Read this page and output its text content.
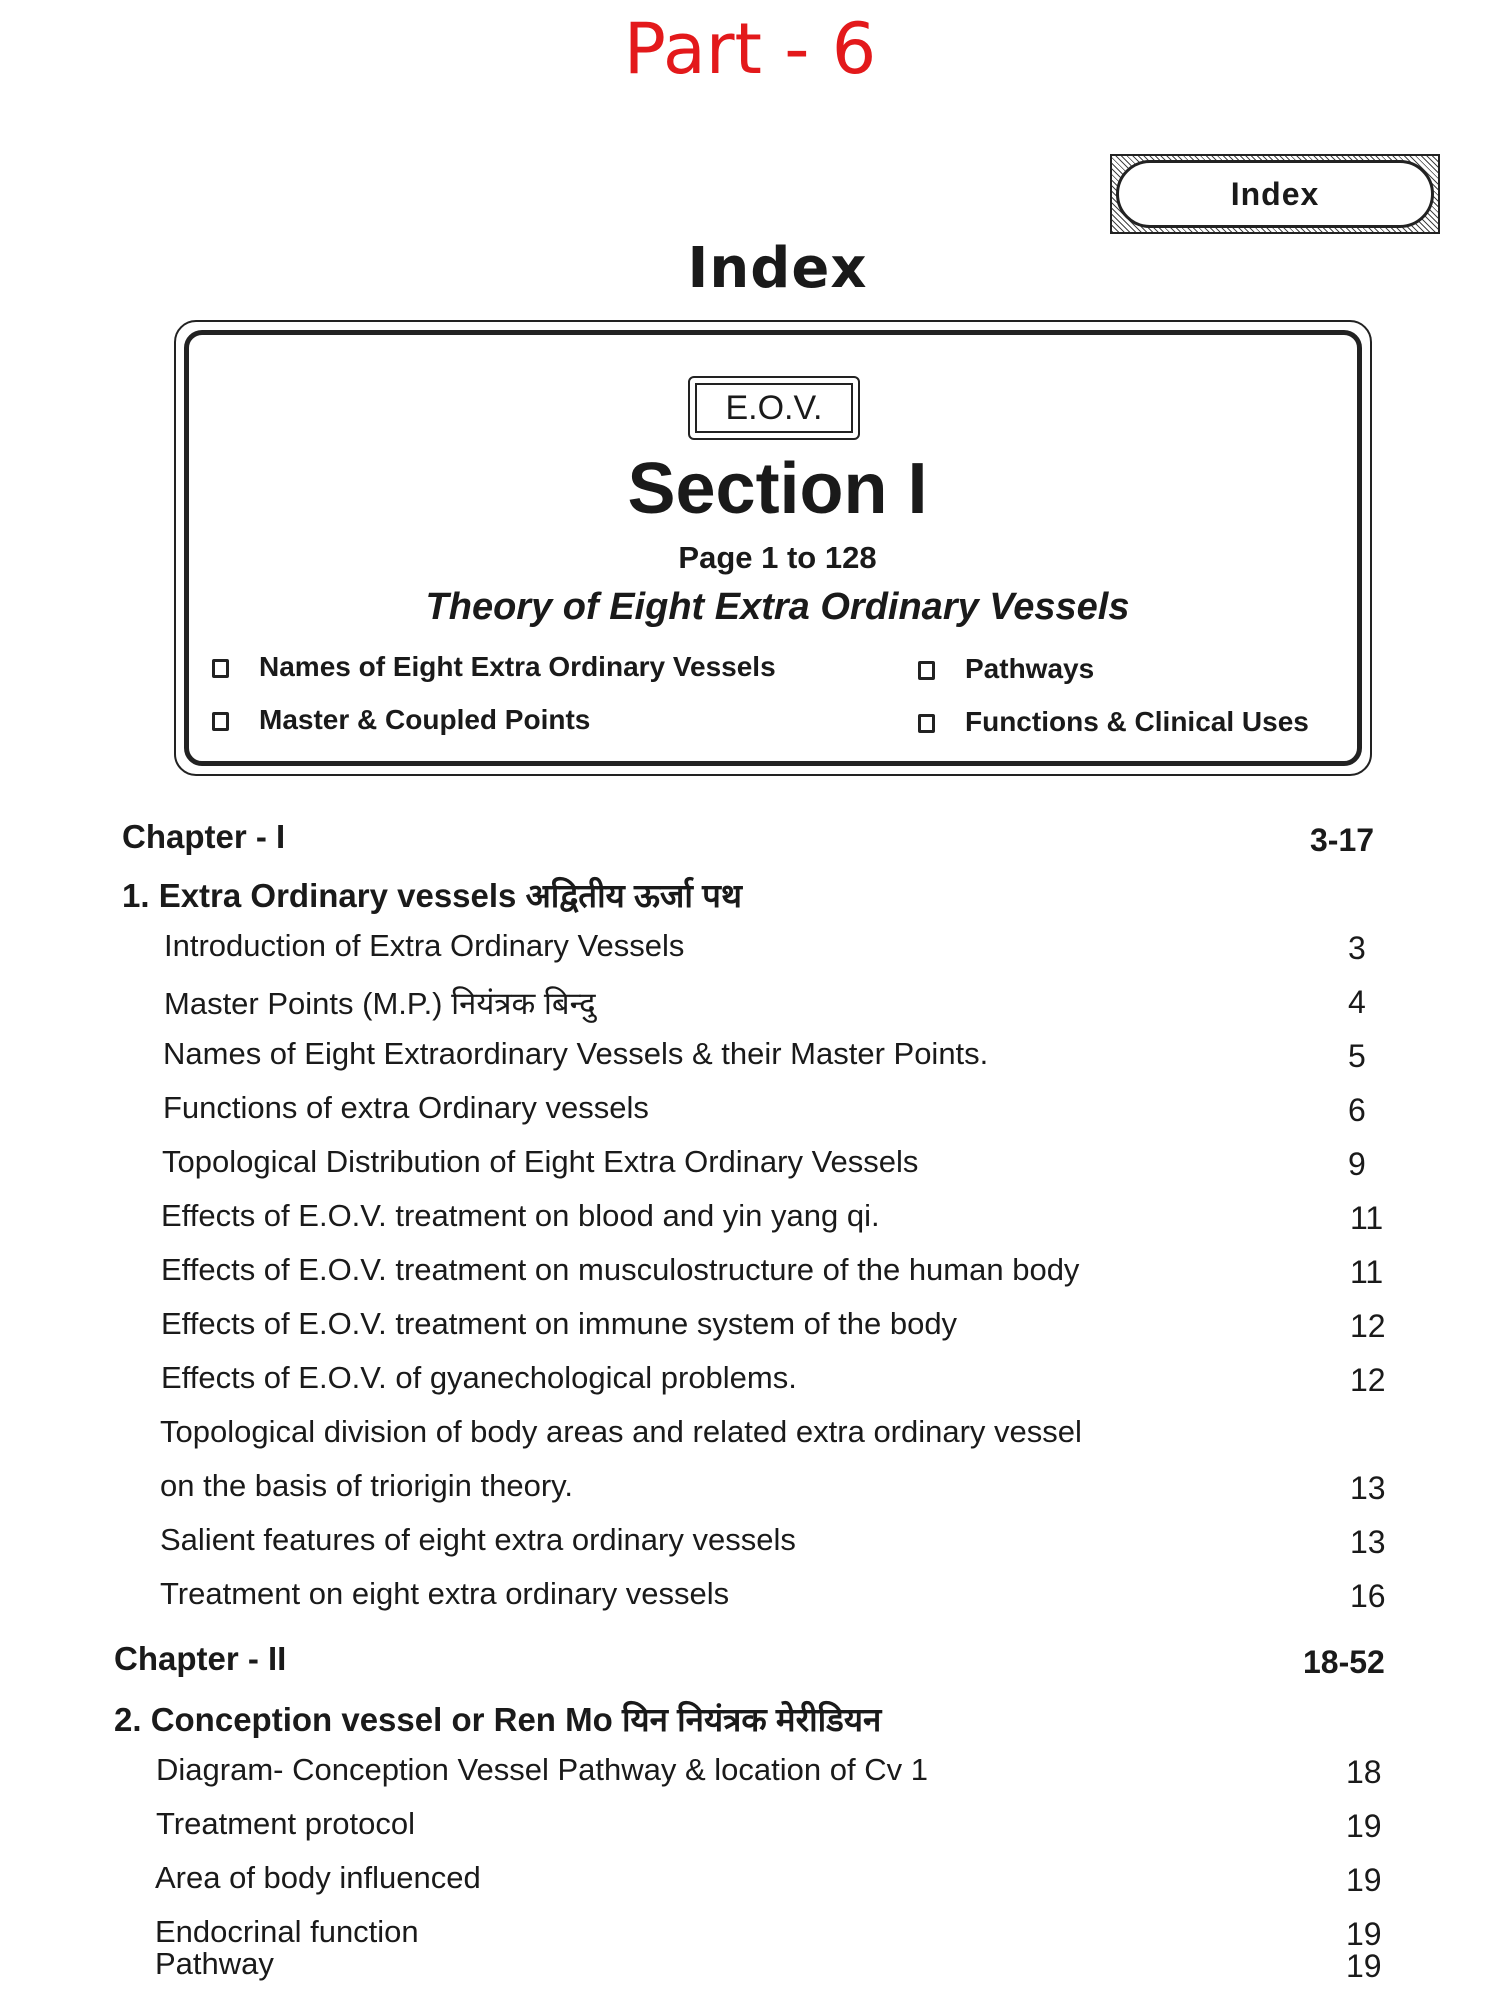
Part - 6
Index
Index
E.O.V.
Section I
Page 1 to 128
Theory of Eight Extra Ordinary Vessels
Names of Eight Extra Ordinary Vessels	Pathways
Master & Coupled Points	Functions & Clinical Uses
Chapter - I	3-17
1. Extra Ordinary vessels अद्वितीय ऊर्जा पथ
Introduction of Extra Ordinary Vessels	3
Master Points (M.P.) नियंत्रक बिन्दु	4
Names of Eight Extraordinary Vessels & their Master Points.	5
Functions of extra Ordinary vessels	6
Topological Distribution of Eight Extra Ordinary Vessels	9
Effects of E.O.V. treatment on blood and yin yang qi.	11
Effects of E.O.V. treatment on musculostructure of the human body	11
Effects of E.O.V. treatment on immune system of the body	12
Effects of E.O.V. of gyanechological problems.	12
Topological division of body areas and related extra ordinary vessel
on the basis of triorigin theory.	13
Salient features of eight extra ordinary vessels	13
Treatment on eight extra ordinary vessels	16
Chapter - II	18-52
2. Conception vessel or Ren Mo यिन नियंत्रक मेरीडियन
Diagram- Conception Vessel Pathway & location of Cv 1	18
Treatment protocol	19
Area of body influenced	19
Endocrinal function	19
Pathway	19
